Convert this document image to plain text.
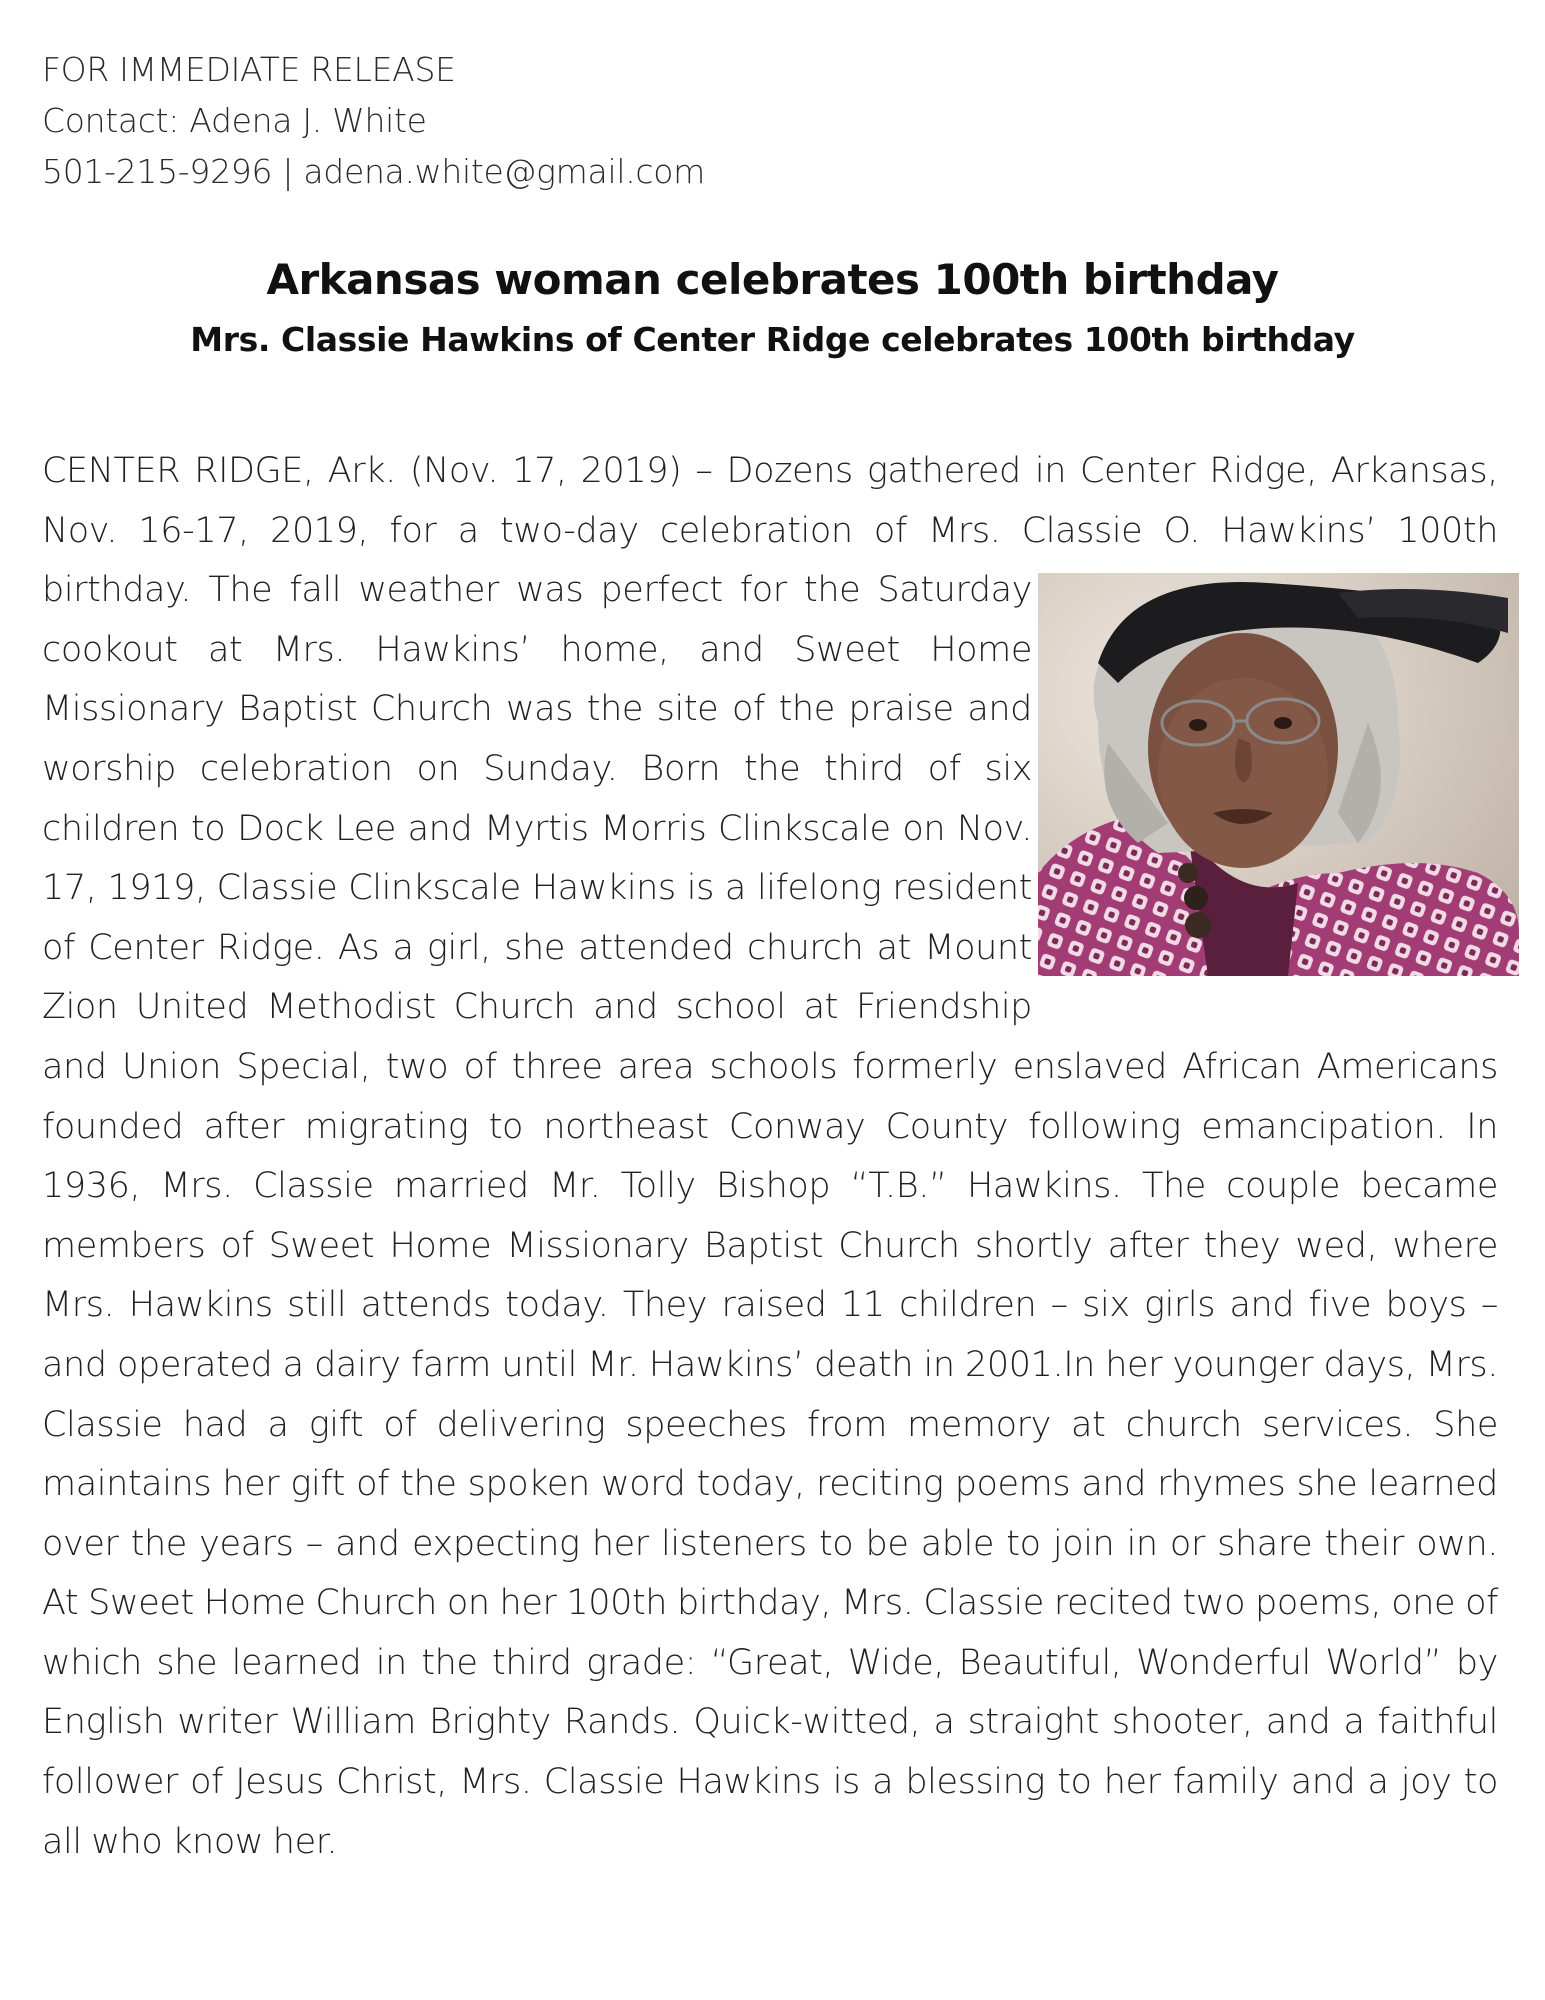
FOR IMMEDIATE RELEASE
Contact: Adena J. White
501-215-9296 | adena.white@gmail.com
Arkansas woman celebrates 100th birthday
Mrs. Classie Hawkins of Center Ridge celebrates 100th birthday
CENTER RIDGE, Ark. (Nov. 17, 2019) – Dozens gathered in Center Ridge, Arkansas, Nov. 16-17, 2019, for a two-day celebration of Mrs. Classie O. Hawkins’ 100th birthday. The fall weather was perfect for the Saturday cookout at Mrs. Hawkins’ home, and Sweet Home Missionary Baptist Church was the site of the praise and worship celebration on Sunday. Born the third of six children to Dock Lee and Myrtis Morris Clinkscale on Nov. 17, 1919, Classie Clinkscale Hawkins is a lifelong resident of Center Ridge. As a girl, she attended church at Mount Zion United Methodist Church and school at Friendship and Union Special, two of three area schools formerly enslaved African Americans founded after migrating to northeast Conway County following emancipation. In 1936, Mrs. Classie married Mr. Tolly Bishop “T.B.” Hawkins. The couple became members of Sweet Home Missionary Baptist Church shortly after they wed, where Mrs. Hawkins still attends today. They raised 11 children – six girls and five boys – and operated a dairy farm until Mr. Hawkins’ death in 2001.In her younger days, Mrs. Classie had a gift of delivering speeches from memory at church services. She maintains her gift of the spoken word today, reciting poems and rhymes she learned over the years – and expecting her listeners to be able to join in or share their own. At Sweet Home Church on her 100th birthday, Mrs. Classie recited two poems, one of which she learned in the third grade: “Great, Wide, Beautiful, Wonderful World” by English writer William Brighty Rands. Quick-witted, a straight shooter, and a faithful follower of Jesus Christ, Mrs. Classie Hawkins is a blessing to her family and a joy to all who know her.
